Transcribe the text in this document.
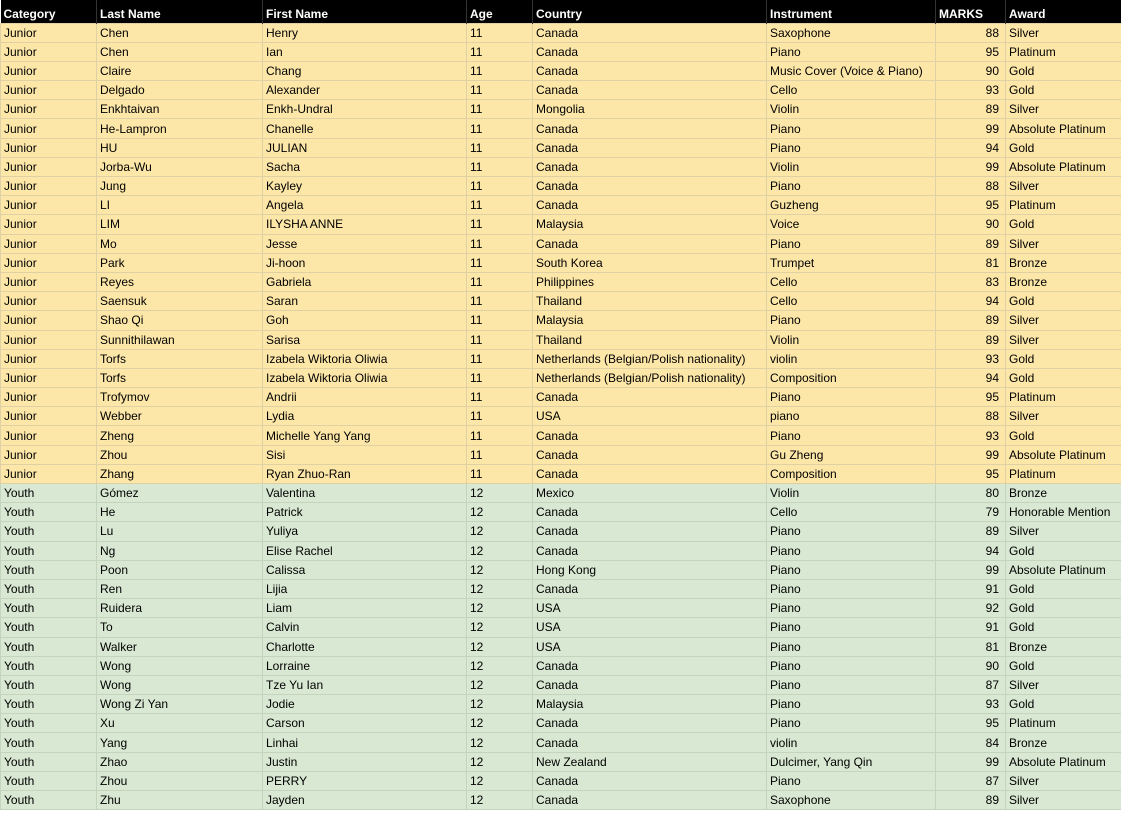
Category	Last Name	First Name	Age	Country	Instrument	MARKS	Award
Junior	Chen	Henry	11	Canada	Saxophone	88	Silver
Junior	Chen	Ian	11	Canada	Piano	95	Platinum
Junior	Claire	Chang	11	Canada	Music Cover (Voice & Piano)	90	Gold
Junior	Delgado	Alexander	11	Canada	Cello	93	Gold
Junior	Enkhtaivan	Enkh-Undral	11	Mongolia	Violin	89	Silver
Junior	He-Lampron	Chanelle	11	Canada	Piano	99	Absolute Platinum
Junior	HU	JULIAN	11	Canada	Piano	94	Gold
Junior	Jorba-Wu	Sacha	11	Canada	Violin	99	Absolute Platinum
Junior	Jung	Kayley	11	Canada	Piano	88	Silver
Junior	LI	Angela	11	Canada	Guzheng	95	Platinum
Junior	LIM	ILYSHA ANNE	11	Malaysia	Voice	90	Gold
Junior	Mo	Jesse	11	Canada	Piano	89	Silver
Junior	Park	Ji-hoon	11	South Korea	Trumpet	81	Bronze
Junior	Reyes	Gabriela	11	Philippines	Cello	83	Bronze
Junior	Saensuk	Saran	11	Thailand	Cello	94	Gold
Junior	Shao Qi	Goh	11	Malaysia	Piano	89	Silver
Junior	Sunnithilawan	Sarisa	11	Thailand	Violin	89	Silver
Junior	Torfs	Izabela Wiktoria Oliwia	11	Netherlands (Belgian/Polish nationality)	violin	93	Gold
Junior	Torfs	Izabela Wiktoria Oliwia	11	Netherlands (Belgian/Polish nationality)	Composition	94	Gold
Junior	Trofymov	Andrii	11	Canada	Piano	95	Platinum
Junior	Webber	Lydia	11	USA	piano	88	Silver
Junior	Zheng	Michelle Yang Yang	11	Canada	Piano	93	Gold
Junior	Zhou	Sisi	11	Canada	Gu Zheng	99	Absolute Platinum
Junior	Zhang	Ryan Zhuo-Ran	11	Canada	Composition	95	Platinum
Youth	Gómez	Valentina	12	Mexico	Violin	80	Bronze
Youth	He	Patrick	12	Canada	Cello	79	Honorable Mention
Youth	Lu	Yuliya	12	Canada	Piano	89	Silver
Youth	Ng	Elise Rachel	12	Canada	Piano	94	Gold
Youth	Poon	Calissa	12	Hong Kong	Piano	99	Absolute Platinum
Youth	Ren	Lijia	12	Canada	Piano	91	Gold
Youth	Ruidera	Liam	12	USA	Piano	92	Gold
Youth	To	Calvin	12	USA	Piano	91	Gold
Youth	Walker	Charlotte	12	USA	Piano	81	Bronze
Youth	Wong	Lorraine	12	Canada	Piano	90	Gold
Youth	Wong	Tze Yu Ian	12	Canada	Piano	87	Silver
Youth	Wong Zi Yan	Jodie	12	Malaysia	Piano	93	Gold
Youth	Xu	Carson	12	Canada	Piano	95	Platinum
Youth	Yang	Linhai	12	Canada	violin	84	Bronze
Youth	Zhao	Justin	12	New Zealand	Dulcimer, Yang Qin	99	Absolute Platinum
Youth	Zhou	PERRY	12	Canada	Piano	87	Silver
Youth	Zhu	Jayden	12	Canada	Saxophone	89	Silver
